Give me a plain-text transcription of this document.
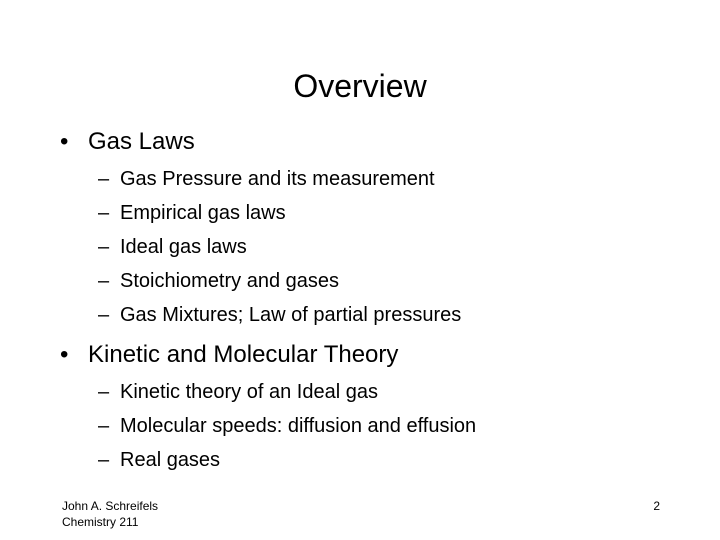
Overview
• Gas Laws
– Gas Pressure and its measurement
– Empirical gas laws
– Ideal gas laws
– Stoichiometry and gases
– Gas Mixtures; Law of partial pressures
• Kinetic and Molecular Theory
– Kinetic theory of an Ideal gas
– Molecular speeds: diffusion and effusion
– Real gases
John A. Schreifels
Chemistry 211
2
